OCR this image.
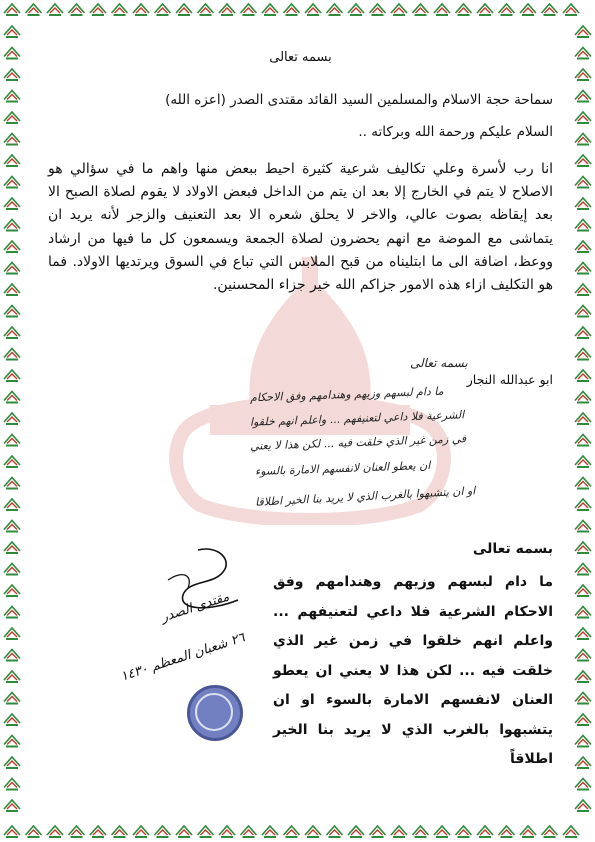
بسمه تعالى
سماحة حجة الاسلام والمسلمين السيد القائد مقتدى الصدر (اعزه الله)
السلام عليكم ورحمة الله وبركاته ..
انا رب لأسرة وعلي تكاليف شرعية كثيرة احيط ببعض منها واهم ما في سؤالي هو الاصلاح لا يتم في الخارج إلا بعد ان يتم من الداخل فبعض الاولاد لا يقوم لصلاة الصبح الا بعد إيقاظه بصوت عالي، والاخر لا يحلق شعره الا بعد التعنيف والزجر لأنه يريد ان يتماشى مع الموضة مع انهم يحضرون لصلاة الجمعة ويسمعون كل ما فيها من ارشاد ووعظ، اضافة الى ما ابتليناه من قبح الملابس التي تباع في السوق ويرتديها الاولاد. فما هو التكليف ازاء هذه الامور جزاكم الله خير جزاء المحسنين.
ابو عبدالله النجار
بسمه تعالى
ما دام لبسهم وزيهم وهندامهم وفق الاحكام
الشرعية فلا داعي لتعنيفهم ... واعلم انهم خلقوا
في زمن غير الذي خلقت فيه ... لكن هذا لا يعني
ان يعطو العنان لانفسهم الامارة بالسوء
او ان يتشبهوا بالغرب الذي لا يريد بنا الخير اطلاقا
بسمه تعالى
ما دام لبسهم وزيهم وهندامهم وفق الاحكام الشرعية فلا داعي لتعنيفهم ... واعلم انهم خلقوا في زمن غير الذي خلقت فيه ... لكن هذا لا يعني ان يعطو العنان لانفسهم الامارة بالسوء او ان يتشبهوا بالغرب الذي لا يريد بنا الخير اطلاقاً
مقتدى الصدر
٢٦ شعبان المعظم ١٤٣٠
